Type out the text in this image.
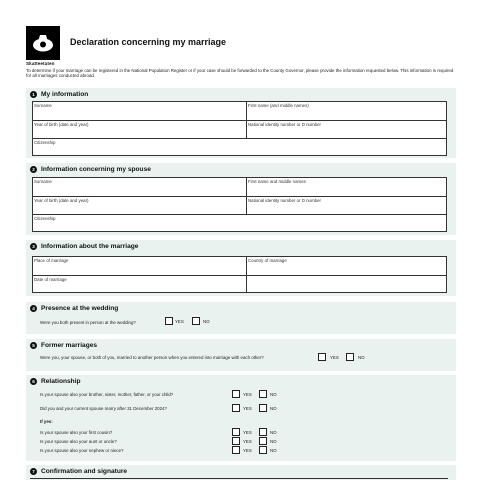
Skatteetaten
Declaration concerning my marriage
To determine if your marriage can be registered in the National Population Register or if your case should be forwarded to the County Governor, please provide the information requested below. This information is required for all marriages conducted abroad.
1 My information
Surname	First name (and middle names)
Year of birth (date and year)	National identity number or D number
Citizenship
2 Information concerning my spouse
Surname	First name and middle names
Year of birth (date and year)	National identity number or D number
Citizenship
3 Information about the marriage
Place of marriage	Country of marriage
Date of marriage
4 Presence at the wedding
Were you both present in person at the wedding?	YES	NO
5 Former marriages
Were you, your spouse, or both of you, married to another person when you entered into marriage with each other?	YES	NO
6 Relationship
Is your spouse also your brother, sister, mother, father, or your child?	YES	NO
Did you and your current spouse marry after 31 December 2024?	YES	NO
If yes:
Is your spouse also your first cousin?	YES	NO
Is your spouse also your aunt or uncle?	YES	NO
Is your spouse also your nephew or niece?	YES	NO
7 Confirmation and signature
